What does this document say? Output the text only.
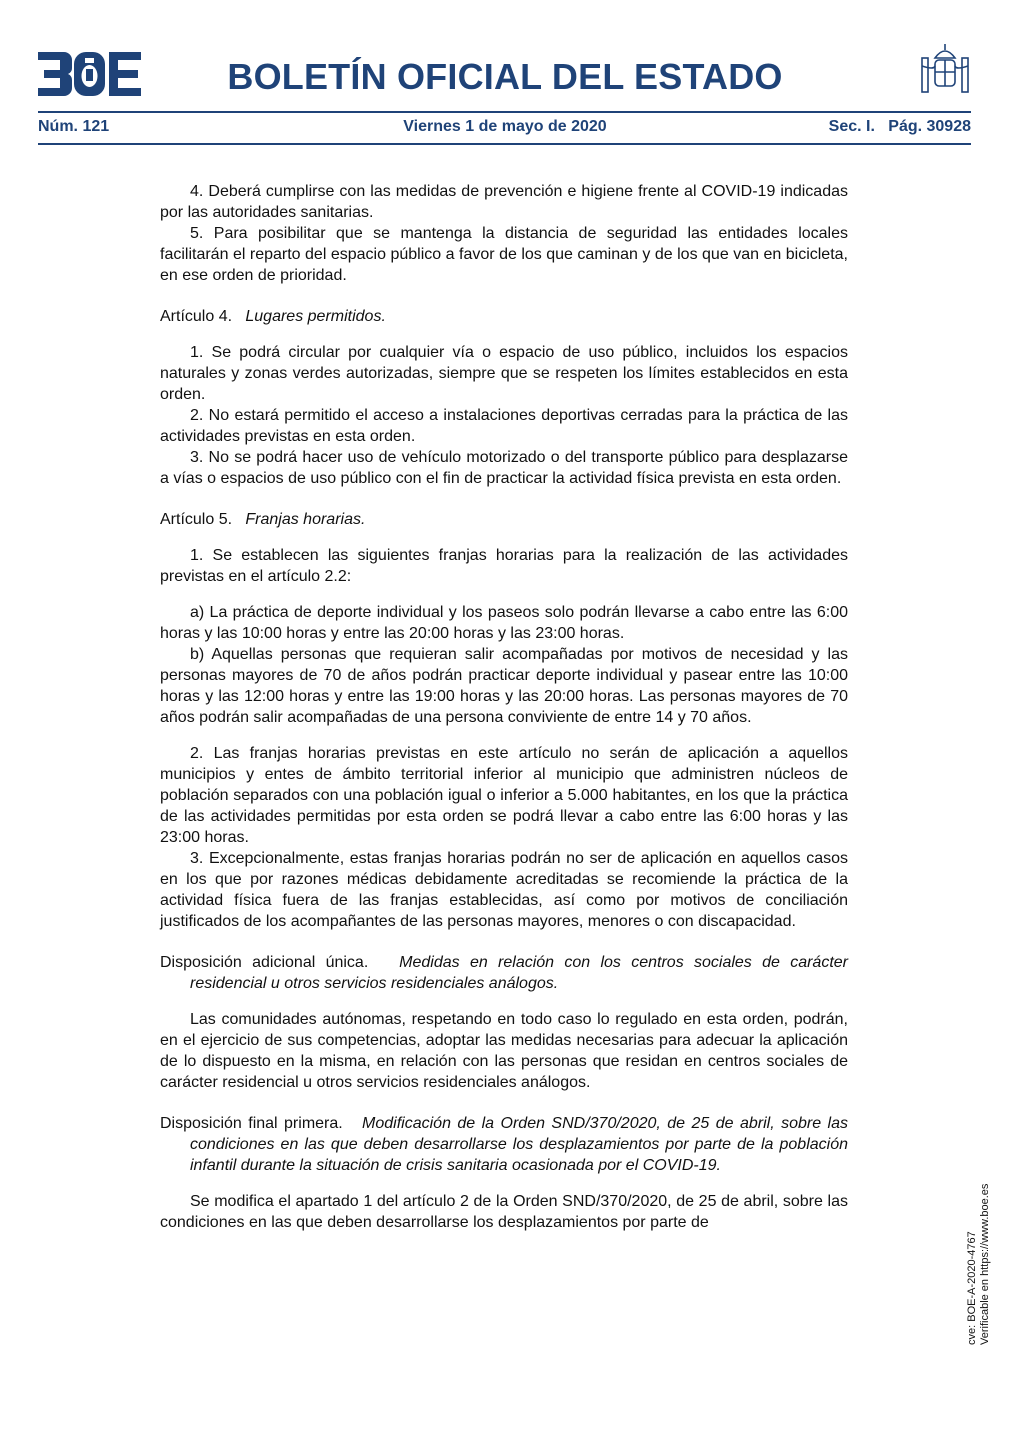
BOLETÍN OFICIAL DEL ESTADO
Núm. 121	Viernes 1 de mayo de 2020	Sec. I. Pág. 30928

4. Deberá cumplirse con las medidas de prevención e higiene frente al COVID-19 indicadas por las autoridades sanitarias.

5. Para posibilitar que se mantenga la distancia de seguridad las entidades locales facilitarán el reparto del espacio público a favor de los que caminan y de los que van en bicicleta, en ese orden de prioridad.

Artículo 4. Lugares permitidos.

1. Se podrá circular por cualquier vía o espacio de uso público, incluidos los espacios naturales y zonas verdes autorizadas, siempre que se respeten los límites establecidos en esta orden.

2. No estará permitido el acceso a instalaciones deportivas cerradas para la práctica de las actividades previstas en esta orden.

3. No se podrá hacer uso de vehículo motorizado o del transporte público para desplazarse a vías o espacios de uso público con el fin de practicar la actividad física prevista en esta orden.

Artículo 5. Franjas horarias.

1. Se establecen las siguientes franjas horarias para la realización de las actividades previstas en el artículo 2.2:

a) La práctica de deporte individual y los paseos solo podrán llevarse a cabo entre las 6:00 horas y las 10:00 horas y entre las 20:00 horas y las 23:00 horas.

b) Aquellas personas que requieran salir acompañadas por motivos de necesidad y las personas mayores de 70 de años podrán practicar deporte individual y pasear entre las 10:00 horas y las 12:00 horas y entre las 19:00 horas y las 20:00 horas. Las personas mayores de 70 años podrán salir acompañadas de una persona conviviente de entre 14 y 70 años.

2. Las franjas horarias previstas en este artículo no serán de aplicación a aquellos municipios y entes de ámbito territorial inferior al municipio que administren núcleos de población separados con una población igual o inferior a 5.000 habitantes, en los que la práctica de las actividades permitidas por esta orden se podrá llevar a cabo entre las 6:00 horas y las 23:00 horas.

3. Excepcionalmente, estas franjas horarias podrán no ser de aplicación en aquellos casos en los que por razones médicas debidamente acreditadas se recomiende la práctica de la actividad física fuera de las franjas establecidas, así como por motivos de conciliación justificados de los acompañantes de las personas mayores, menores o con discapacidad.

Disposición adicional única. Medidas en relación con los centros sociales de carácter residencial u otros servicios residenciales análogos.

Las comunidades autónomas, respetando en todo caso lo regulado en esta orden, podrán, en el ejercicio de sus competencias, adoptar las medidas necesarias para adecuar la aplicación de lo dispuesto en la misma, en relación con las personas que residan en centros sociales de carácter residencial u otros servicios residenciales análogos.

Disposición final primera. Modificación de la Orden SND/370/2020, de 25 de abril, sobre las condiciones en las que deben desarrollarse los desplazamientos por parte de la población infantil durante la situación de crisis sanitaria ocasionada por el COVID-19.

Se modifica el apartado 1 del artículo 2 de la Orden SND/370/2020, de 25 de abril, sobre las condiciones en las que deben desarrollarse los desplazamientos por parte de

cve: BOE-A-2020-4767 Verificable en https://www.boe.es
